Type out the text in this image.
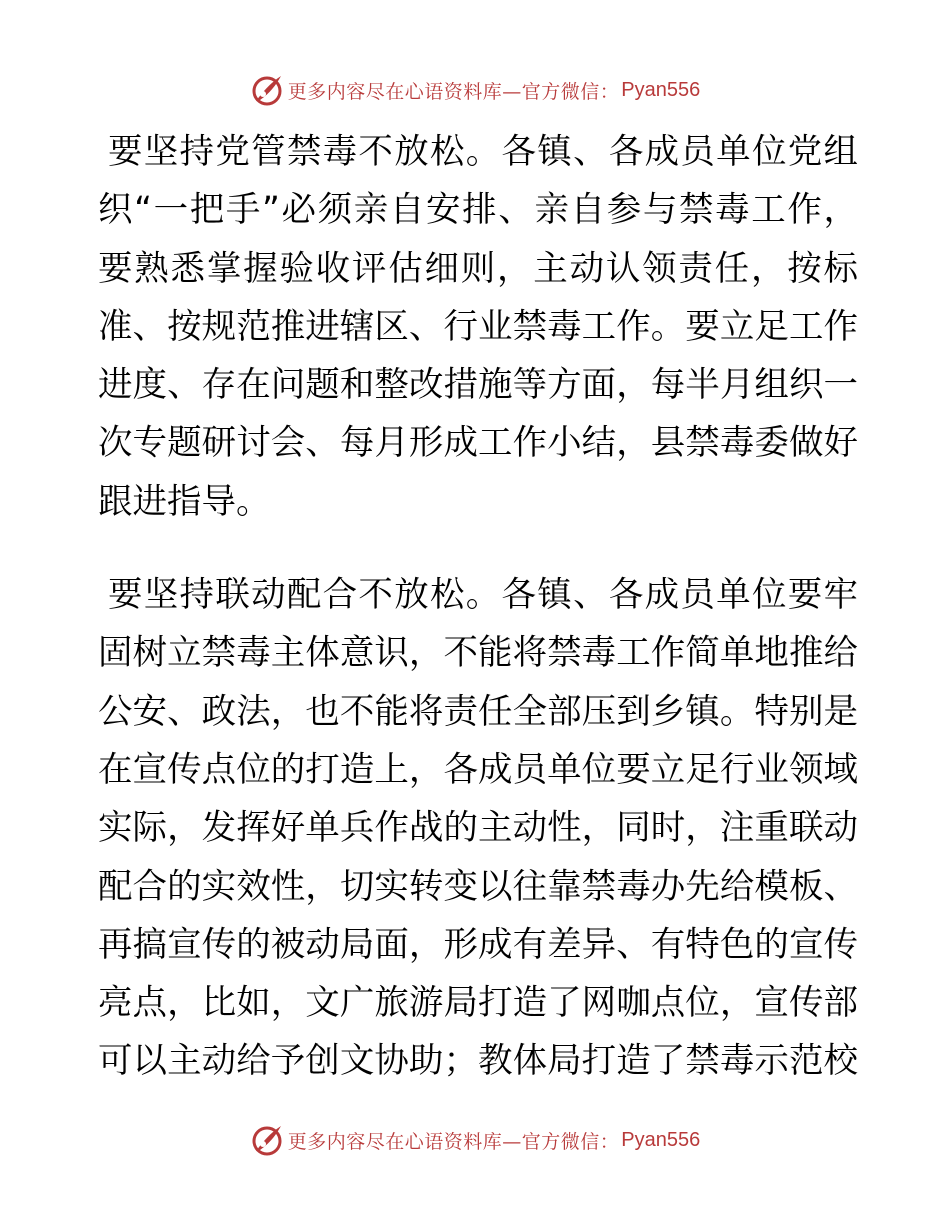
更多内容尽在心语资料库—官方微信： Pyan556

要坚持党管禁毒不放松。各镇、各成员单位党组
织“一把手”必须亲自安排、亲自参与禁毒工作，
要熟悉掌握验收评估细则，主动认领责任，按标
准、按规范推进辖区、行业禁毒工作。要立足工作
进度、存在问题和整改措施等方面，每半月组织一
次专题研讨会、每月形成工作小结，县禁毒委做好
跟进指导。

要坚持联动配合不放松。各镇、各成员单位要牢
固树立禁毒主体意识，不能将禁毒工作简单地推给
公安、政法，也不能将责任全部压到乡镇。特别是
在宣传点位的打造上，各成员单位要立足行业领域
实际，发挥好单兵作战的主动性，同时，注重联动
配合的实效性，切实转变以往靠禁毒办先给模板、
再搞宣传的被动局面，形成有差异、有特色的宣传
亮点，比如，文广旅游局打造了网咖点位，宣传部
可以主动给予创文协助；教体局打造了禁毒示范校

更多内容尽在心语资料库—官方微信： Pyan556
